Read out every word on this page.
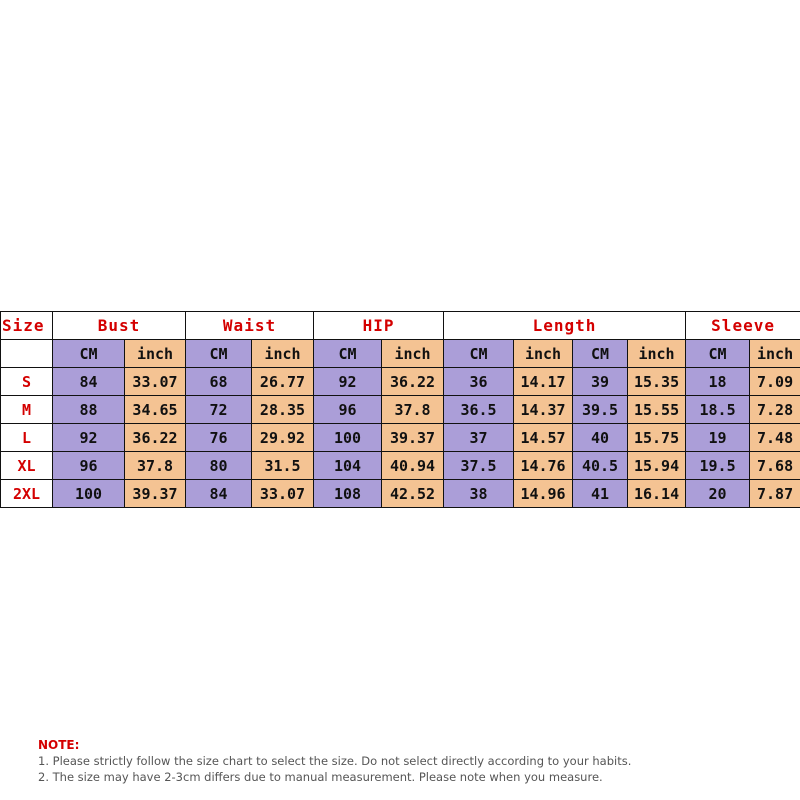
Size	Bust		Waist		HIP		Length				Sleeve	
	CM	inch	CM	inch	CM	inch	CM	inch	CM	inch	CM	inch
S	84	33.07	68	26.77	92	36.22	36	14.17	39	15.35	18	7.09
M	88	34.65	72	28.35	96	37.8	36.5	14.37	39.5	15.55	18.5	7.28
L	92	36.22	76	29.92	100	39.37	37	14.57	40	15.75	19	7.48
XL	96	37.8	80	31.5	104	40.94	37.5	14.76	40.5	15.94	19.5	7.68
2XL	100	39.37	84	33.07	108	42.52	38	14.96	41	16.14	20	7.87
NOTE:
1. Please strictly follow the size chart to select the size. Do not select directly according to your habits.
2. The size may have 2-3cm differs due to manual measurement. Please note when you measure.
